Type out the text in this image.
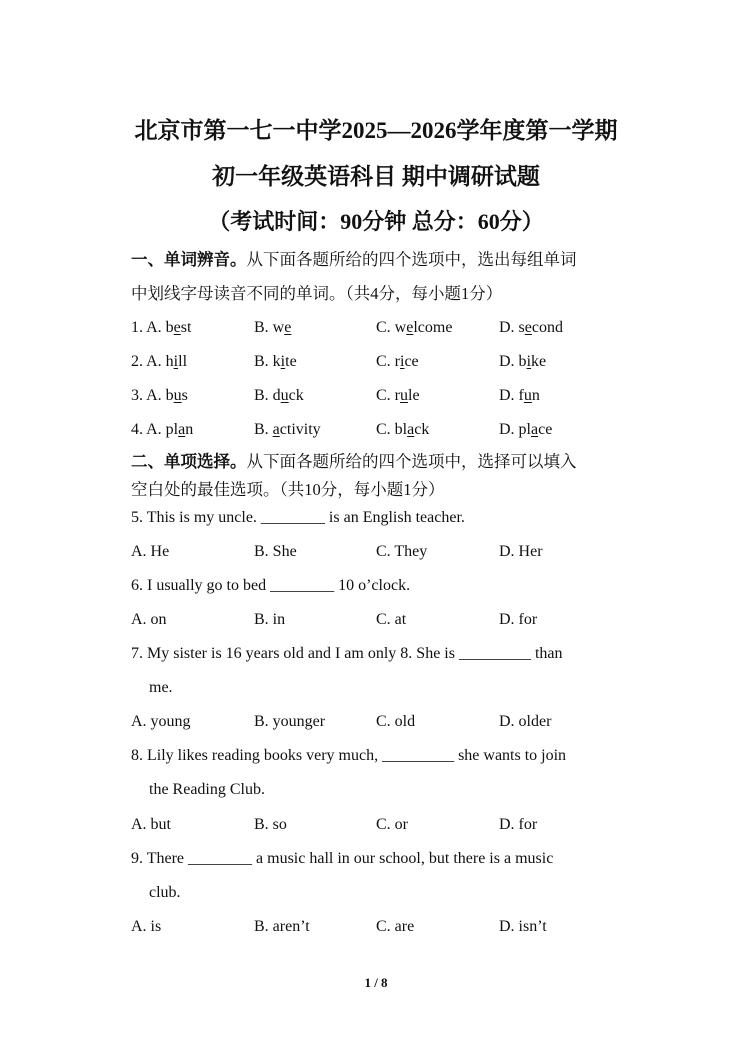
北京市第一七一中学2025—2026学年度第一学期
初一年级英语科目 期中调研试题
（考试时间：90分钟 总分：60分）
一、单词辨音。从下面各题所给的四个选项中，选出每组单词
中划线字母读音不同的单词。（共4分，每小题1分）
1. A. best	B. we	C. welcome	D. second
2. A. hill	B. kite	C. rice	D. bike
3. A. bus	B. duck	C. rule	D. fun
4. A. plan	B. activity	C. black	D. place
二、单项选择。从下面各题所给的四个选项中，选择可以填入
空白处的最佳选项。（共10分，每小题1分）
5. This is my uncle. ________ is an English teacher.
A. He	B. She	C. They	D. Her
6. I usually go to bed ________ 10 o’clock.
A. on	B. in	C. at	D. for
7. My sister is 16 years old and I am only 8. She is _________ than
me.
A. young	B. younger	C. old	D. older
8. Lily likes reading books very much, _________ she wants to join
the Reading Club.
A. but	B. so	C. or	D. for
9. There ________ a music hall in our school, but there is a music
club.
A. is	B. aren’t	C. are	D. isn’t
1 / 8
